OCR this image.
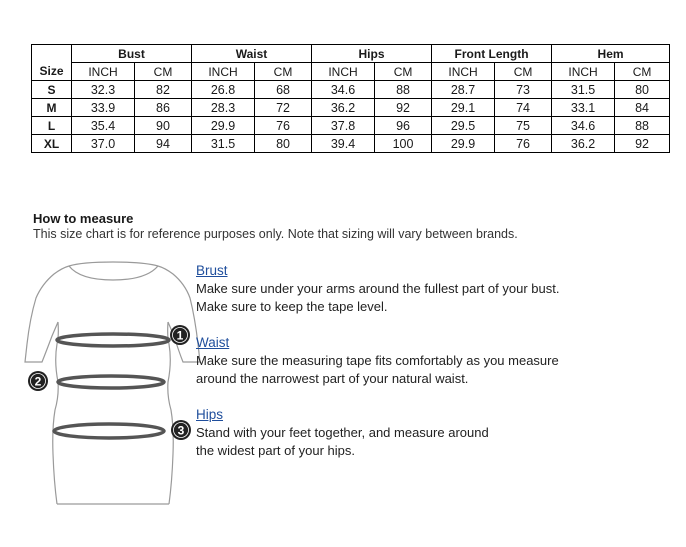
	Bust		Waist		Hips		Front Length		Hem	
Size	INCH	CM	INCH	CM	INCH	CM	INCH	CM	INCH	CM
S	32.3	82	26.8	68	34.6	88	28.7	73	31.5	80
M	33.9	86	28.3	72	36.2	92	29.1	74	33.1	84
L	35.4	90	29.9	76	37.8	96	29.5	75	34.6	88
XL	37.0	94	31.5	80	39.4	100	29.9	76	36.2	92
How to measure
This size chart is for reference purposes only. Note that sizing will vary between brands.
1
2
3
Brust
Make sure under your arms around the fullest part of your bust.
Make sure to keep the tape level.
Waist
Make sure the measuring tape fits comfortably as you measure
around the narrowest part of your natural waist.
Hips
Stand with your feet together, and measure around
the widest part of your hips.
